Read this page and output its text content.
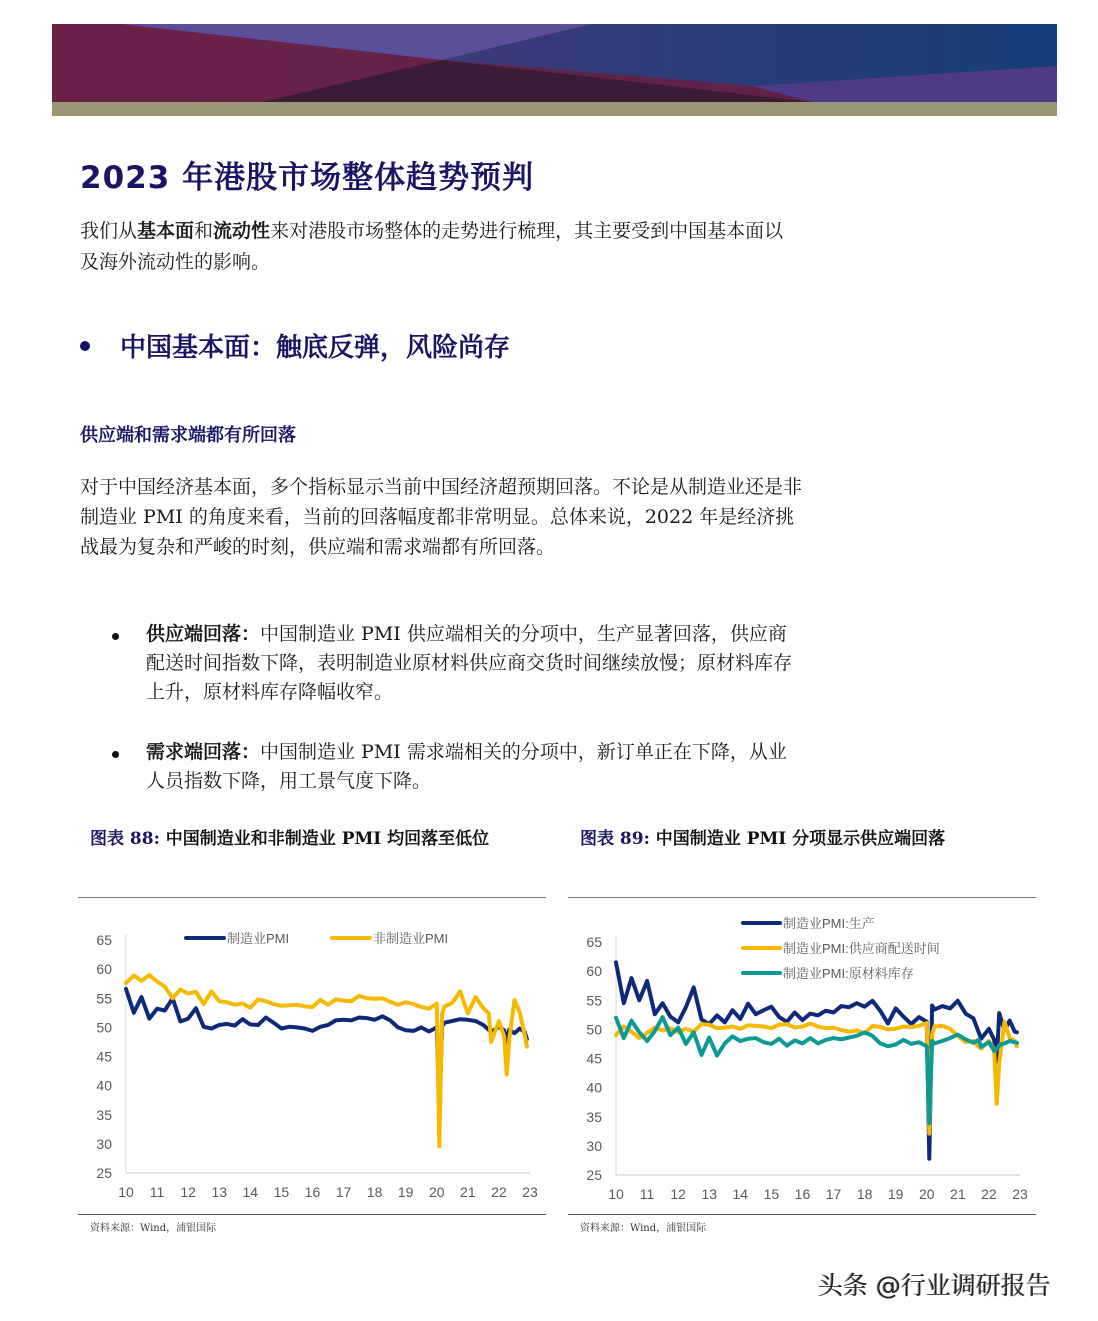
2023 年港股市场整体趋势预判
我们从基本面和流动性来对港股市场整体的走势进行梳理，其主要受到中国基本面以及海外流动性的影响。
中国基本面：触底反弹，风险尚存
供应端和需求端都有所回落
对于中国经济基本面，多个指标显示当前中国经济超预期回落。不论是从制造业还是非制造业 PMI 的角度来看，当前的回落幅度都非常明显。总体来说，2022 年是经济挑战最为复杂和严峻的时刻，供应端和需求端都有所回落。
供应端回落：中国制造业 PMI 供应端相关的分项中，生产显著回落，供应商配送时间指数下降，表明制造业原材料供应商交货时间继续放慢；原材料库存上升，原材料库存降幅收窄。
需求端回落：中国制造业 PMI 需求端相关的分项中，新订单正在下降，从业人员指数下降，用工景气度下降。
图表 88: 中国制造业和非制造业 PMI 均回落至低位	图表 89: 中国制造业 PMI 分项显示供应端回落
25
30
35
40
45
50
55
60
65
10 11 12 13 14 15 16 17 18 19 20 21 22 23
制造业PMI	非制造业PMI
25
30
35
40
45
50
55
60
65
10 11 12 13 14 15 16 17 18 19 20 21 22 23
制造业PMI:生产
制造业PMI:供应商配送时间
制造业PMI:原材料库存
资料来源：Wind，浦银国际	资料来源：Wind，浦银国际
头条 @行业调研报告
